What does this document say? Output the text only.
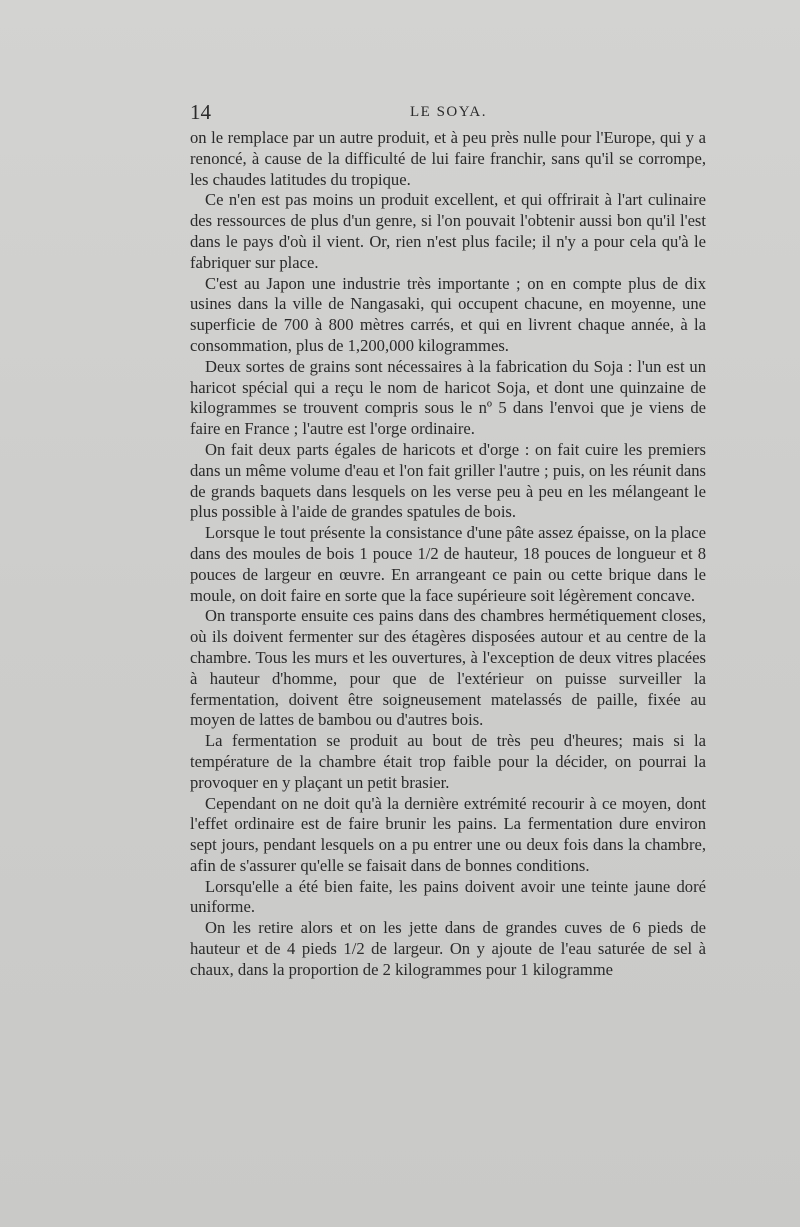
14	LE SOYA.

on le remplace par un autre produit, et à peu près nulle pour l'Europe, qui y a renoncé, à cause de la difficulté de lui faire franchir, sans qu'il se corrompe, les chaudes latitudes du tropique.

Ce n'en est pas moins un produit excellent, et qui offrirait à l'art culinaire des ressources de plus d'un genre, si l'on pouvait l'obtenir aussi bon qu'il l'est dans le pays d'où il vient. Or, rien n'est plus facile; il n'y a pour cela qu'à le fabriquer sur place.

C'est au Japon une industrie très importante ; on en compte plus de dix usines dans la ville de Nangasaki, qui occupent chacune, en moyenne, une superficie de 700 à 800 mètres carrés, et qui en livrent chaque année, à la consommation, plus de 1,200,000 kilogrammes.

Deux sortes de grains sont nécessaires à la fabrication du Soja : l'un est un haricot spécial qui a reçu le nom de haricot Soja, et dont une quinzaine de kilogrammes se trouvent compris sous le nº 5 dans l'envoi que je viens de faire en France ; l'autre est l'orge ordinaire.

On fait deux parts égales de haricots et d'orge : on fait cuire les premiers dans un même volume d'eau et l'on fait griller l'autre ; puis, on les réunit dans de grands baquets dans lesquels on les verse peu à peu en les mélangeant le plus possible à l'aide de grandes spatules de bois.

Lorsque le tout présente la consistance d'une pâte assez épaisse, on la place dans des moules de bois 1 pouce 1/2 de hauteur, 18 pouces de longueur et 8 pouces de largeur en œuvre. En arrangeant ce pain ou cette brique dans le moule, on doit faire en sorte que la face supérieure soit légèrement concave.

On transporte ensuite ces pains dans des chambres hermétiquement closes, où ils doivent fermenter sur des étagères disposées autour et au centre de la chambre. Tous les murs et les ouvertures, à l'exception de deux vitres placées à hauteur d'homme, pour que de l'extérieur on puisse surveiller la fermentation, doivent être soigneusement matelassés de paille, fixée au moyen de lattes de bambou ou d'autres bois.

La fermentation se produit au bout de très peu d'heures; mais si la température de la chambre était trop faible pour la décider, on pourrai la provoquer en y plaçant un petit brasier.

Cependant on ne doit qu'à la dernière extrémité recourir à ce moyen, dont l'effet ordinaire est de faire brunir les pains. La fermentation dure environ sept jours, pendant lesquels on a pu entrer une ou deux fois dans la chambre, afin de s'assurer qu'elle se faisait dans de bonnes conditions.

Lorsqu'elle a été bien faite, les pains doivent avoir une teinte jaune doré uniforme.

On les retire alors et on les jette dans de grandes cuves de 6 pieds de hauteur et de 4 pieds 1/2 de largeur. On y ajoute de l'eau saturée de sel à chaux, dans la proportion de 2 kilogrammes pour 1 kilogramme
